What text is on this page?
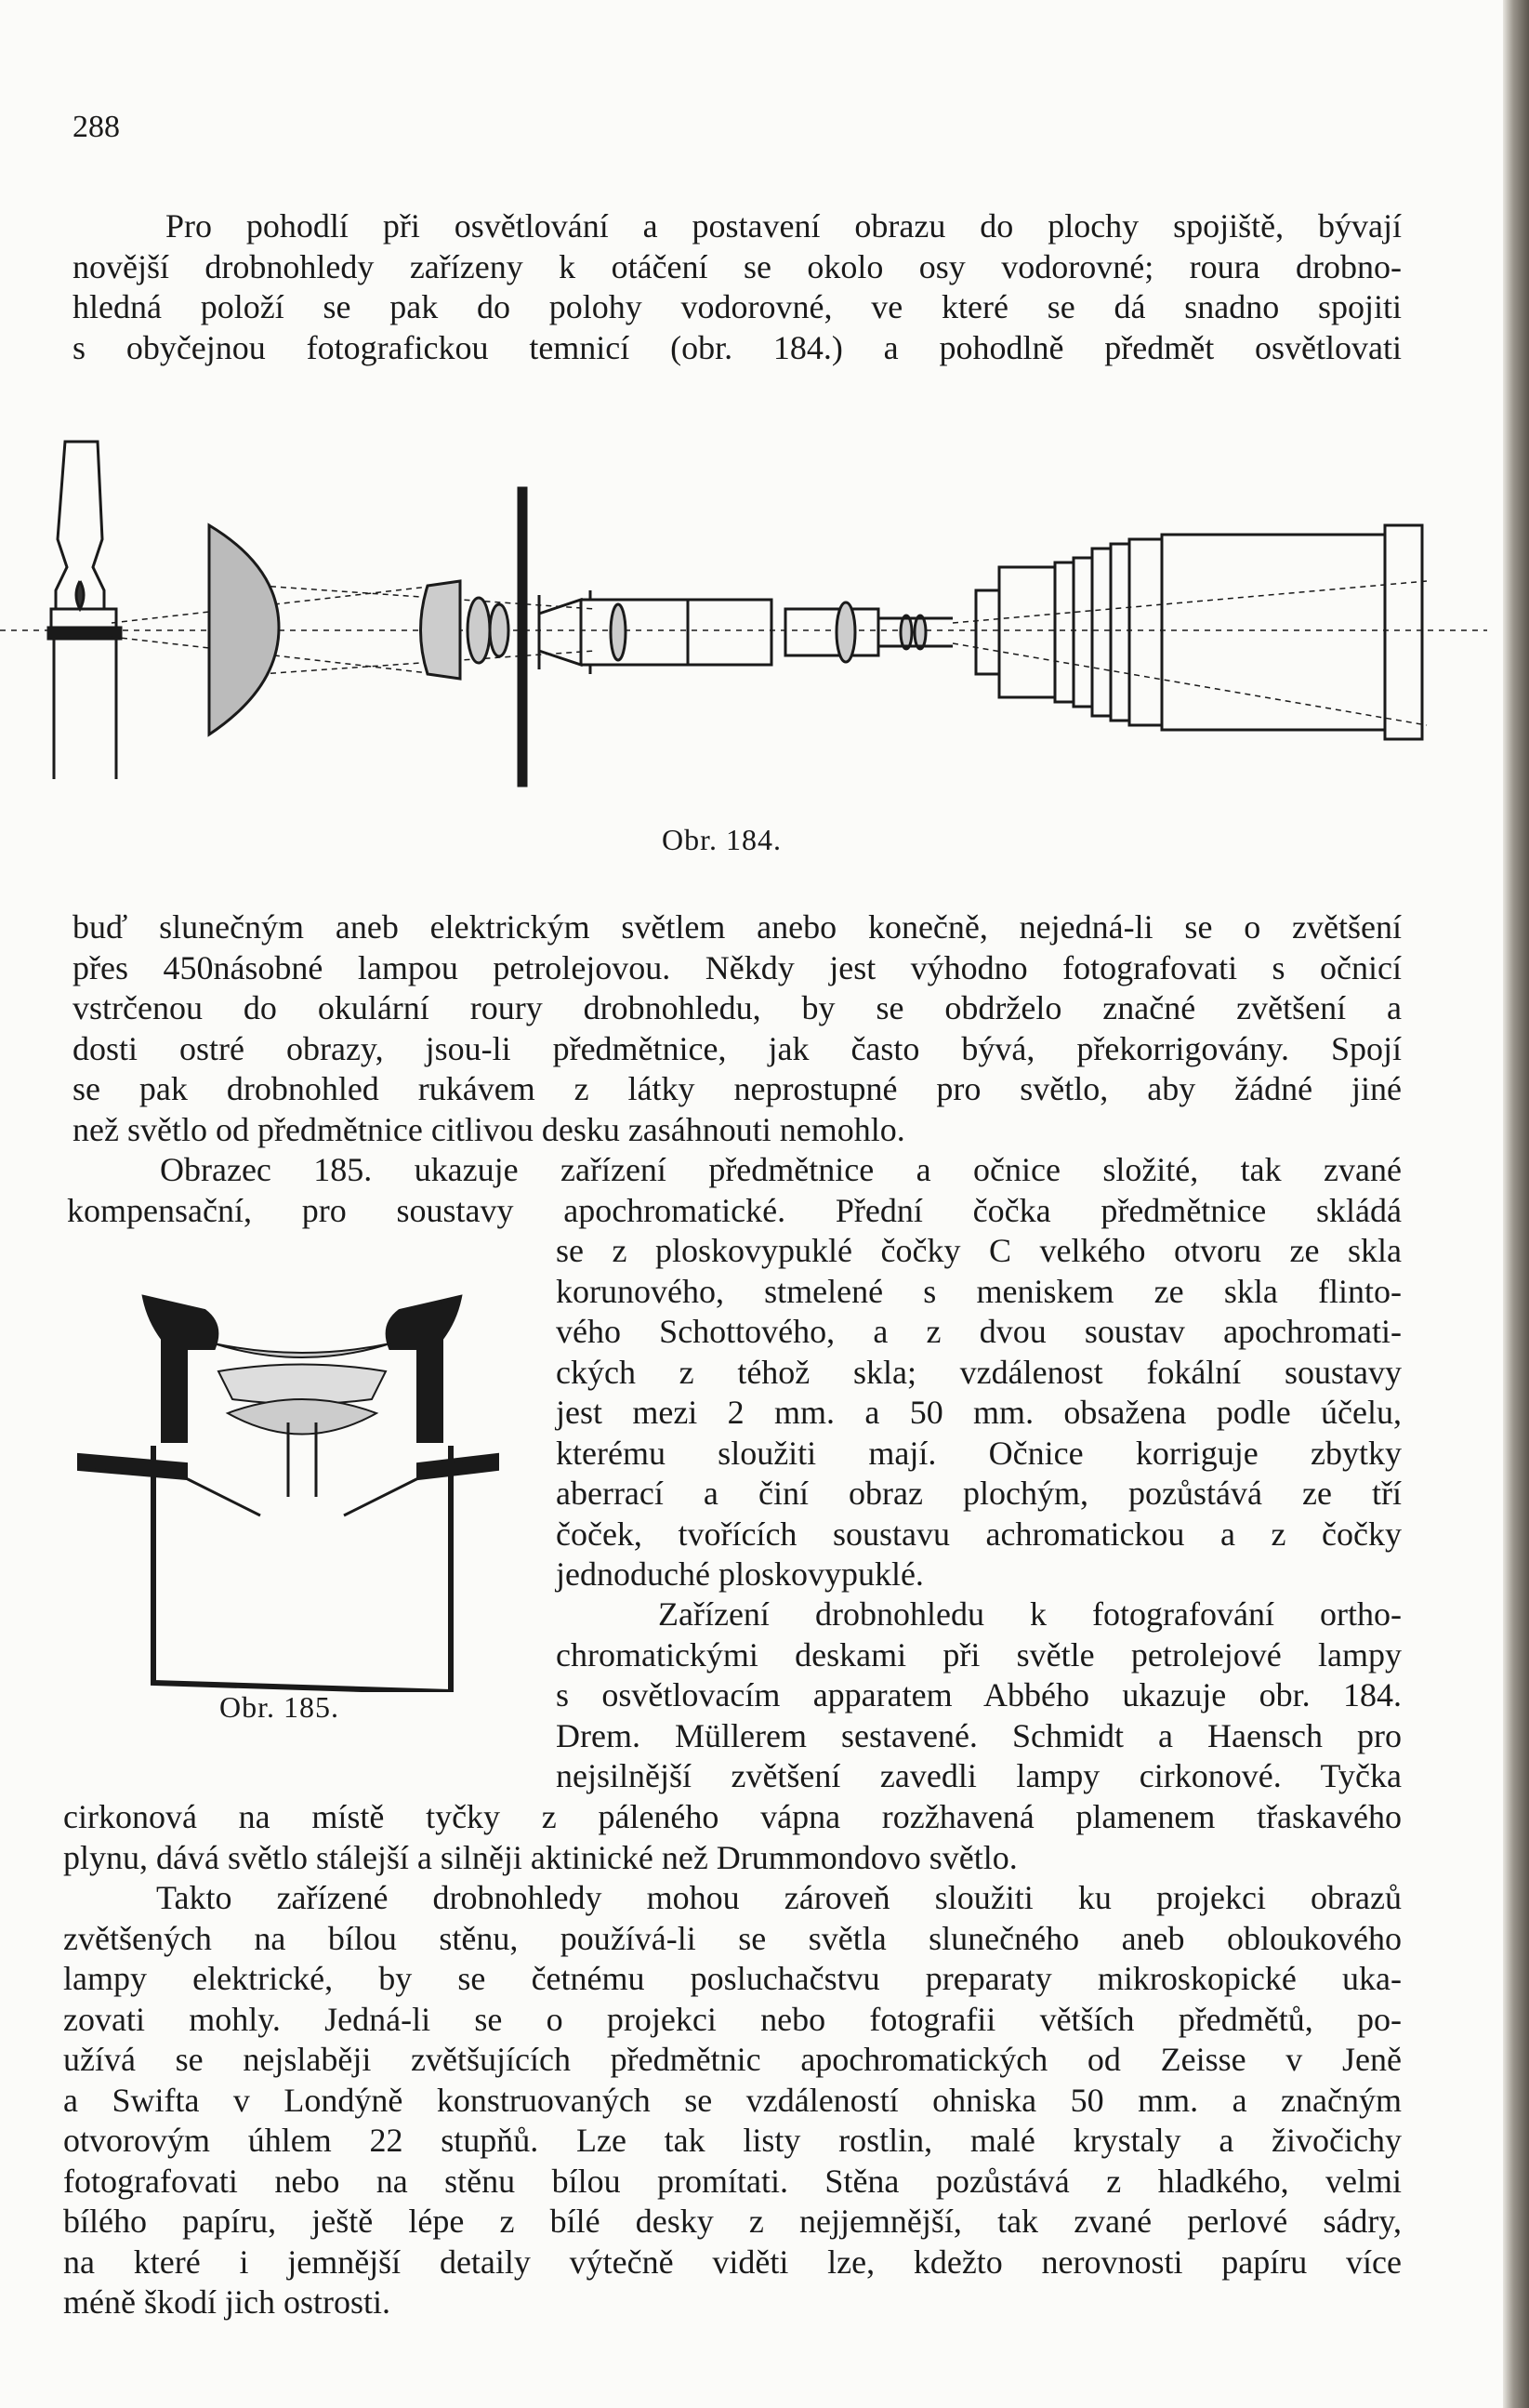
288
Pro pohodlí při osvětlování a postavení obrazu do plochy spojiště, bývají
novější drobnohledy zařízeny k otáčení se okolo osy vodorovné; roura drobno-
hledná položí se pak do polohy vodorovné, ve které se dá snadno spojiti
s obyčejnou fotografickou temnicí (obr. 184.) a pohodlně předmět osvětlovati
Obr. 184.
buď slunečným aneb elektrickým světlem anebo konečně, nejedná-li se o zvětšení
přes 450násobné lampou petrolejovou. Někdy jest výhodno fotografovati s očnicí
vstrčenou do okulární roury drobnohledu, by se obdrželo značné zvětšení a
dosti ostré obrazy, jsou-li předmětnice, jak často bývá, překorrigovány. Spojí
se pak drobnohled rukávem z látky neprostupné pro světlo, aby žádné jiné
než světlo od předmětnice citlivou desku zasáhnouti nemohlo.
Obrazec 185. ukazuje zařízení předmětnice a očnice složité, tak zvané
kompensační, pro soustavy apochromatické. Přední čočka předmětnice skládá
se z ploskovypuklé čočky C velkého otvoru ze skla
korunového, stmelené s meniskem ze skla flinto-
vého Schottového, a z dvou soustav apochromati-
ckých z téhož skla; vzdálenost fokální soustavy
jest mezi 2 mm. a 50 mm. obsažena podle účelu,
kterému sloužiti mají. Očnice korriguje zbytky
aberrací a činí obraz plochým, pozůstává ze tří
čoček, tvořících soustavu achromatickou a z čočky
jednoduché ploskovypuklé.
Obr. 185.
Zařízení drobnohledu k fotografování ortho-
chromatickými deskami při světle petrolejové lampy
s osvětlovacím apparatem Abbého ukazuje obr. 184.
Drem. Müllerem sestavené. Schmidt a Haensch pro
nejsilnější zvětšení zavedli lampy cirkonové. Tyčka
cirkonová na místě tyčky z páleného vápna rozžhavená plamenem třaskavého
plynu, dává světlo stálejší a silněji aktinické než Drummondovo světlo.
Takto zařízené drobnohledy mohou zároveň sloužiti ku projekci obrazů
zvětšených na bílou stěnu, používá-li se světla slunečného aneb obloukového
lampy elektrické, by se četnému posluchačstvu preparaty mikroskopické uka-
zovati mohly. Jedná-li se o projekci nebo fotografii větších předmětů, po-
užívá se nejslaběji zvětšujících předmětnic apochromatických od Zeisse v Jeně
a Swifta v Londýně konstruovaných se vzdáleností ohniska 50 mm. a značným
otvorovým úhlem 22 stupňů. Lze tak listy rostlin, malé krystaly a živočichy
fotografovati nebo na stěnu bílou promítati. Stěna pozůstává z hladkého, velmi
bílého papíru, ještě lépe z bílé desky z nejjemnější, tak zvané perlové sádry,
na které i jemnější detaily výtečně viděti lze, kdežto nerovnosti papíru více
méně škodí jich ostrosti.
